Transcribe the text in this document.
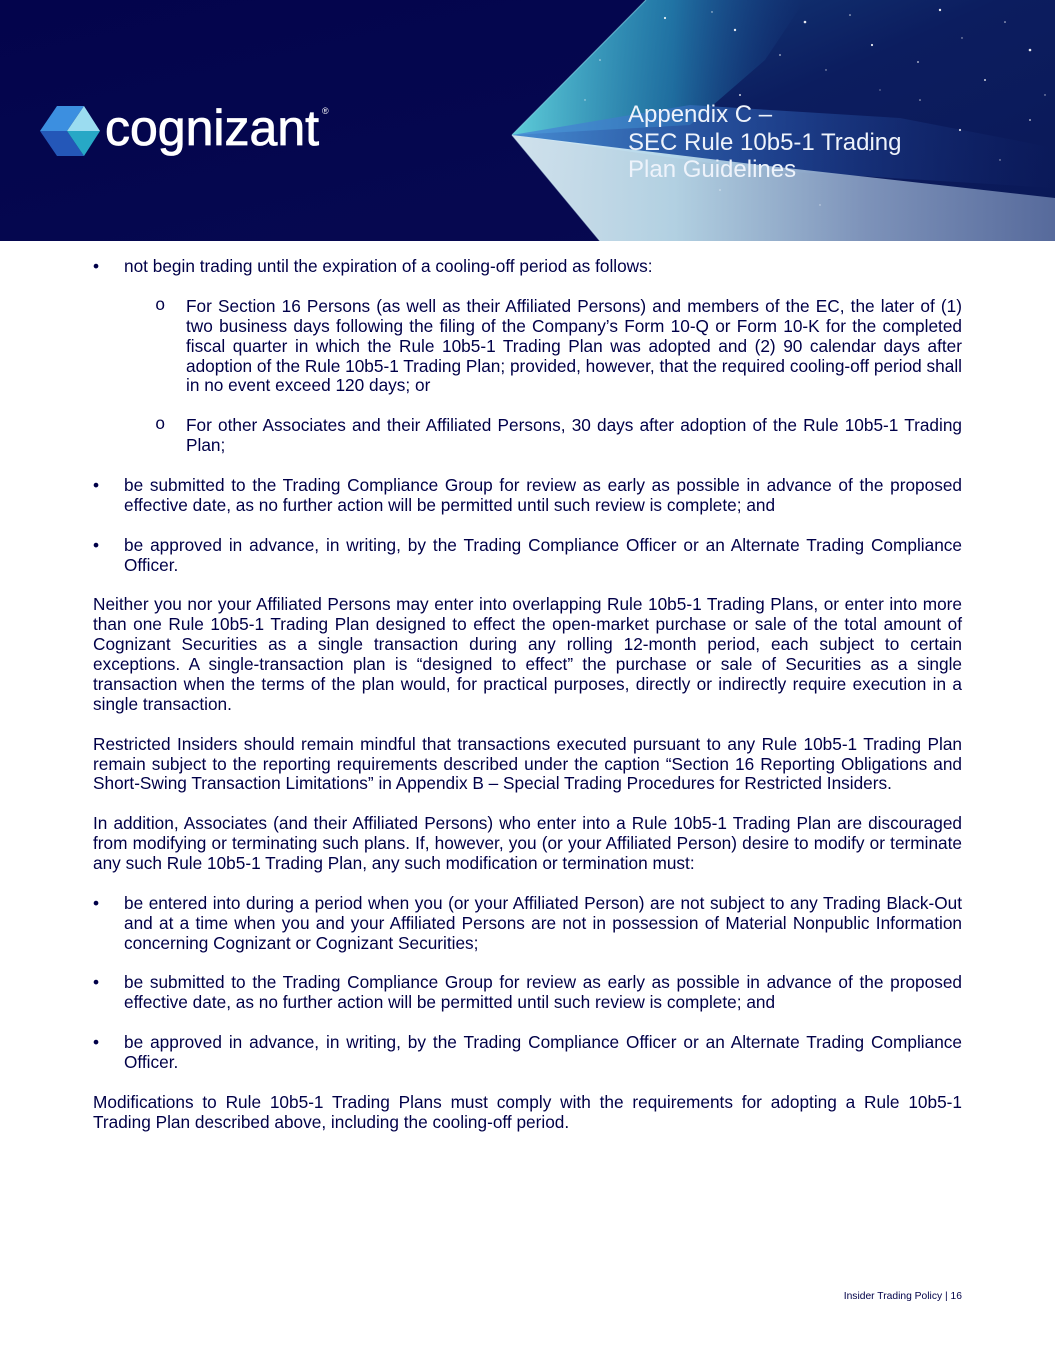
cognizant ®	Appendix C –
SEC Rule 10b5-1 Trading
Plan Guidelines
• not begin trading until the expiration of a cooling-off period as follows:
o For Section 16 Persons (as well as their Affiliated Persons) and members of the EC, the later of (1) two business days following the filing of the Company’s Form 10-Q or Form 10-K for the completed fiscal quarter in which the Rule 10b5-1 Trading Plan was adopted and (2) 90 calendar days after adoption of the Rule 10b5-1 Trading Plan; provided, however, that the required cooling-off period shall in no event exceed 120 days; or
o For other Associates and their Affiliated Persons, 30 days after adoption of the Rule 10b5-1 Trading Plan;
• be submitted to the Trading Compliance Group for review as early as possible in advance of the proposed effective date, as no further action will be permitted until such review is complete; and
• be approved in advance, in writing, by the Trading Compliance Officer or an Alternate Trading Compliance Officer.
Neither you nor your Affiliated Persons may enter into overlapping Rule 10b5-1 Trading Plans, or enter into more than one Rule 10b5-1 Trading Plan designed to effect the open-market purchase or sale of the total amount of Cognizant Securities as a single transaction during any rolling 12-month period, each subject to certain exceptions. A single-transaction plan is “designed to effect” the purchase or sale of Securities as a single transaction when the terms of the plan would, for practical purposes, directly or indirectly require execution in a single transaction.
Restricted Insiders should remain mindful that transactions executed pursuant to any Rule 10b5-1 Trading Plan remain subject to the reporting requirements described under the caption “Section 16 Reporting Obligations and Short-Swing Transaction Limitations” in Appendix B – Special Trading Procedures for Restricted Insiders.
In addition, Associates (and their Affiliated Persons) who enter into a Rule 10b5-1 Trading Plan are discouraged from modifying or terminating such plans. If, however, you (or your Affiliated Person) desire to modify or terminate any such Rule 10b5-1 Trading Plan, any such modification or termination must:
• be entered into during a period when you (or your Affiliated Person) are not subject to any Trading Black-Out and at a time when you and your Affiliated Persons are not in possession of Material Nonpublic Information concerning Cognizant or Cognizant Securities;
• be submitted to the Trading Compliance Group for review as early as possible in advance of the proposed effective date, as no further action will be permitted until such review is complete; and
• be approved in advance, in writing, by the Trading Compliance Officer or an Alternate Trading Compliance Officer.
Modifications to Rule 10b5-1 Trading Plans must comply with the requirements for adopting a Rule 10b5-1 Trading Plan described above, including the cooling-off period.
Insider Trading Policy | 16
